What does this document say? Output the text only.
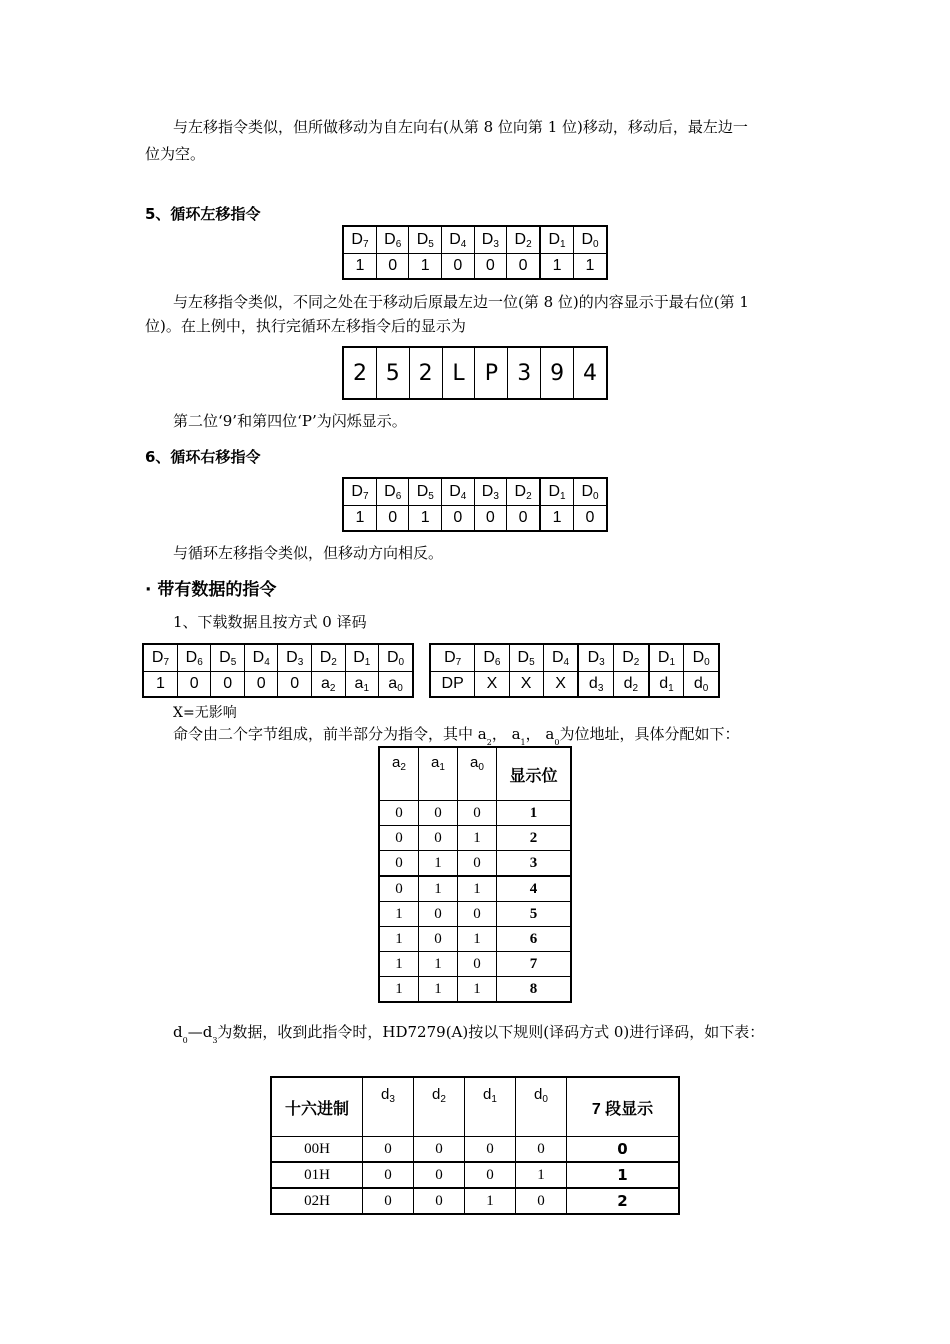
与左移指令类似，但所做移动为自左向右(从第 8 位向第 1 位)移动，移动后，最左边一
位为空。
5、循环左移指令
$D_7$	$D_6$	$D_5$	$D_4$	$D_3$	$D_2$	$D_1$	$D_0$
1	0	1	0	0	0	1	1
与左移指令类似，不同之处在于移动后原最左边一位(第 8 位)的内容显示于最右位(第 1
位)。在上例中，执行完循环左移指令后的显示为
2	5	2	L	P	3	9	4
第二位‘9’和第四位‘P’为闪烁显示。
6、循环右移指令
$D_7$	$D_6$	$D_5$	$D_4$	$D_3$	$D_2$	$D_1$	$D_0$
1	0	1	0	0	0	1	0
与循环左移指令类似，但移动方向相反。
· 带有数据的指令
1、下载数据且按方式 0 译码
$D_7$	$D_6$	$D_5$	$D_4$	$D_3$	$D_2$	$D_1$	$D_0$
1	0	0	0	0	$a_2$	$a_1$	$a_0$
$D_7$	$D_6$	$D_5$	$D_4$	$D_3$	$D_2$	$D_1$	$D_0$
DP	X	X	X	$d_3$	$d_2$	$d_1$	$d_0$
X=无影响
命令由二个字节组成，前半部分为指令，其中 $a_2$， $a_1$， $a_0$为位地址，具体分配如下：
$a_2$	$a_1$	$a_0$	显示位
0	0	0	1
0	0	1	2
0	1	0	3
0	1	1	4
1	0	0	5
1	0	1	6
1	1	0	7
1	1	1	8
$d_0—d_3$为数据，收到此指令时，HD7279(A)按以下规则(译码方式 0)进行译码，如下表：
十六进制	$d_3$	$d_2$	$d_1$	$d_0$	7 段显示
00H	0	0	0	0	0
01H	0	0	0	1	1
02H	0	0	1	0	2
